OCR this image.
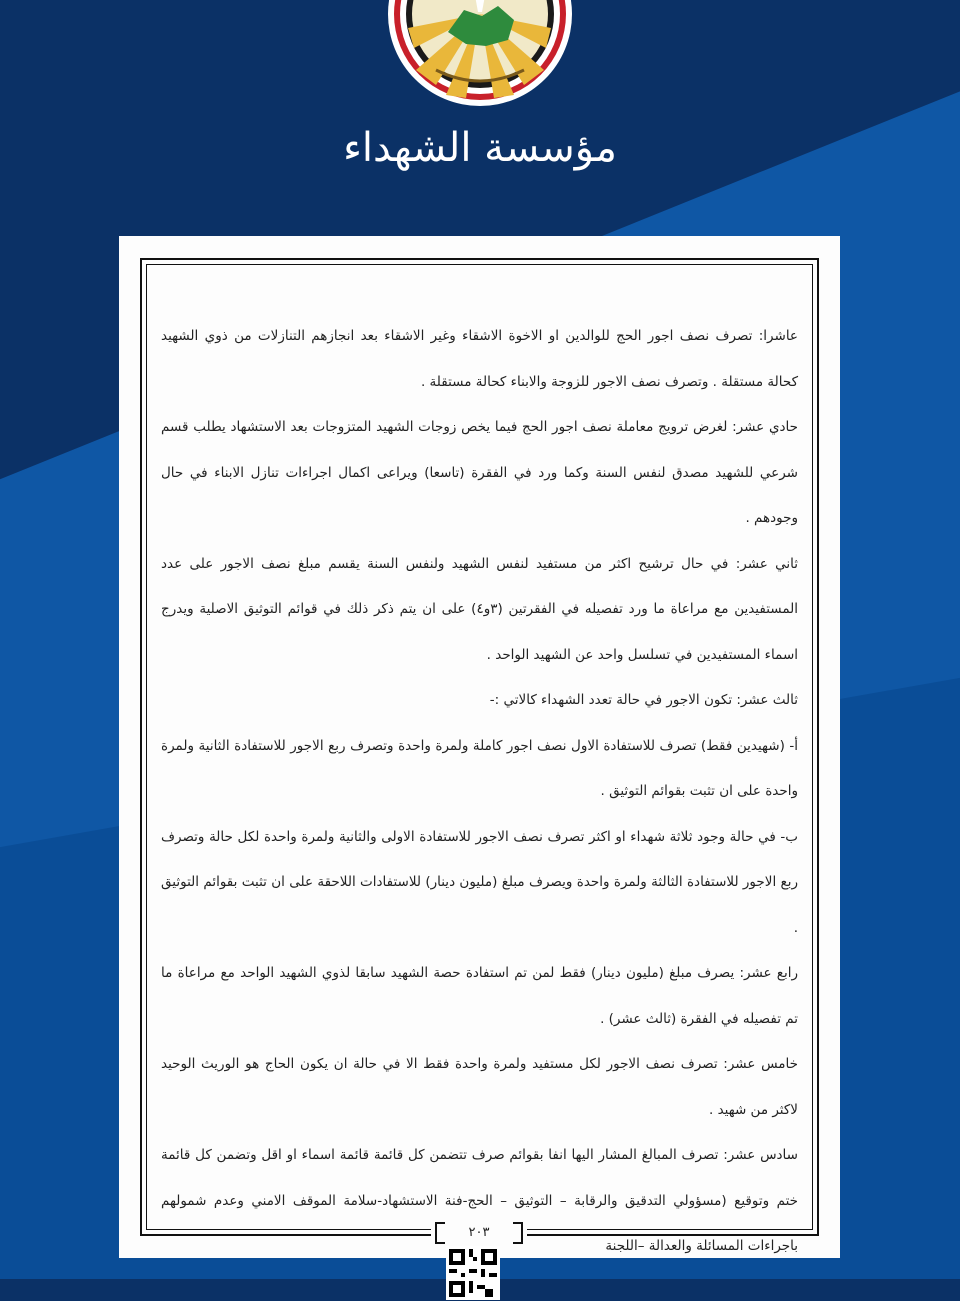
مؤسسة الشهداء

عاشرا: تصرف نصف اجور الحج للوالدين او الاخوة الاشقاء وغير الاشقاء بعد انجازهم التنازلات من ذوي الشهيد كحالة مستقلة . وتصرف نصف الاجور للزوجة والابناء كحالة مستقلة .

حادي عشر: لغرض ترويج معاملة نصف اجور الحج فيما يخص زوجات الشهيد المتزوجات بعد الاستشهاد يطلب قسم شرعي للشهيد مصدق لنفس السنة وكما ورد في الفقرة (تاسعا) ويراعى اكمال اجراءات تنازل الابناء في حال وجودهم .

ثاني عشر: في حال ترشيح اكثر من مستفيد لنفس الشهيد ولنفس السنة يقسم مبلغ نصف الاجور على عدد المستفيدين مع مراعاة ما ورد تفصيله في الفقرتين (٣و٤) على ان يتم ذكر ذلك في قوائم التوثيق الاصلية ويدرج اسماء المستفيدين في تسلسل واحد عن الشهيد الواحد .

ثالث عشر: تكون الاجور في حالة تعدد الشهداء كالاتي :-

أ- (شهيدين فقط) تصرف للاستفادة الاول نصف اجور كاملة ولمرة واحدة وتصرف ربع الاجور للاستفادة الثانية ولمرة واحدة على ان تثبت بقوائم التوثيق .

ب- في حالة وجود ثلاثة شهداء او اكثر تصرف نصف الاجور للاستفادة الاولى والثانية ولمرة واحدة لكل حالة وتصرف ربع الاجور للاستفادة الثالثة ولمرة واحدة ويصرف مبلغ (مليون دينار) للاستفادات اللاحقة على ان تثبت بقوائم التوثيق .

رابع عشر: يصرف مبلغ (مليون دينار) فقط لمن تم استفادة حصة الشهيد سابقا لذوي الشهيد الواحد مع مراعاة ما تم تفصيله في الفقرة (ثالث عشر) .

خامس عشر: تصرف نصف الاجور لكل مستفيد ولمرة واحدة فقط الا في حالة ان يكون الحاج هو الوريث الوحيد لاكثر من شهيد .

سادس عشر: تصرف المبالغ المشار اليها انفا بقوائم صرف تتضمن كل قائمة قائمة اسماء او اقل وتضمن كل قائمة ختم وتوقيع (مسؤولي التدقيق والرقابة – التوثيق – الحج-فنة الاستشهاد-سلامة الموقف الامني وعدم شمولهم باجراءات المسائلة والعدالة –اللجنة

٢٠٣
